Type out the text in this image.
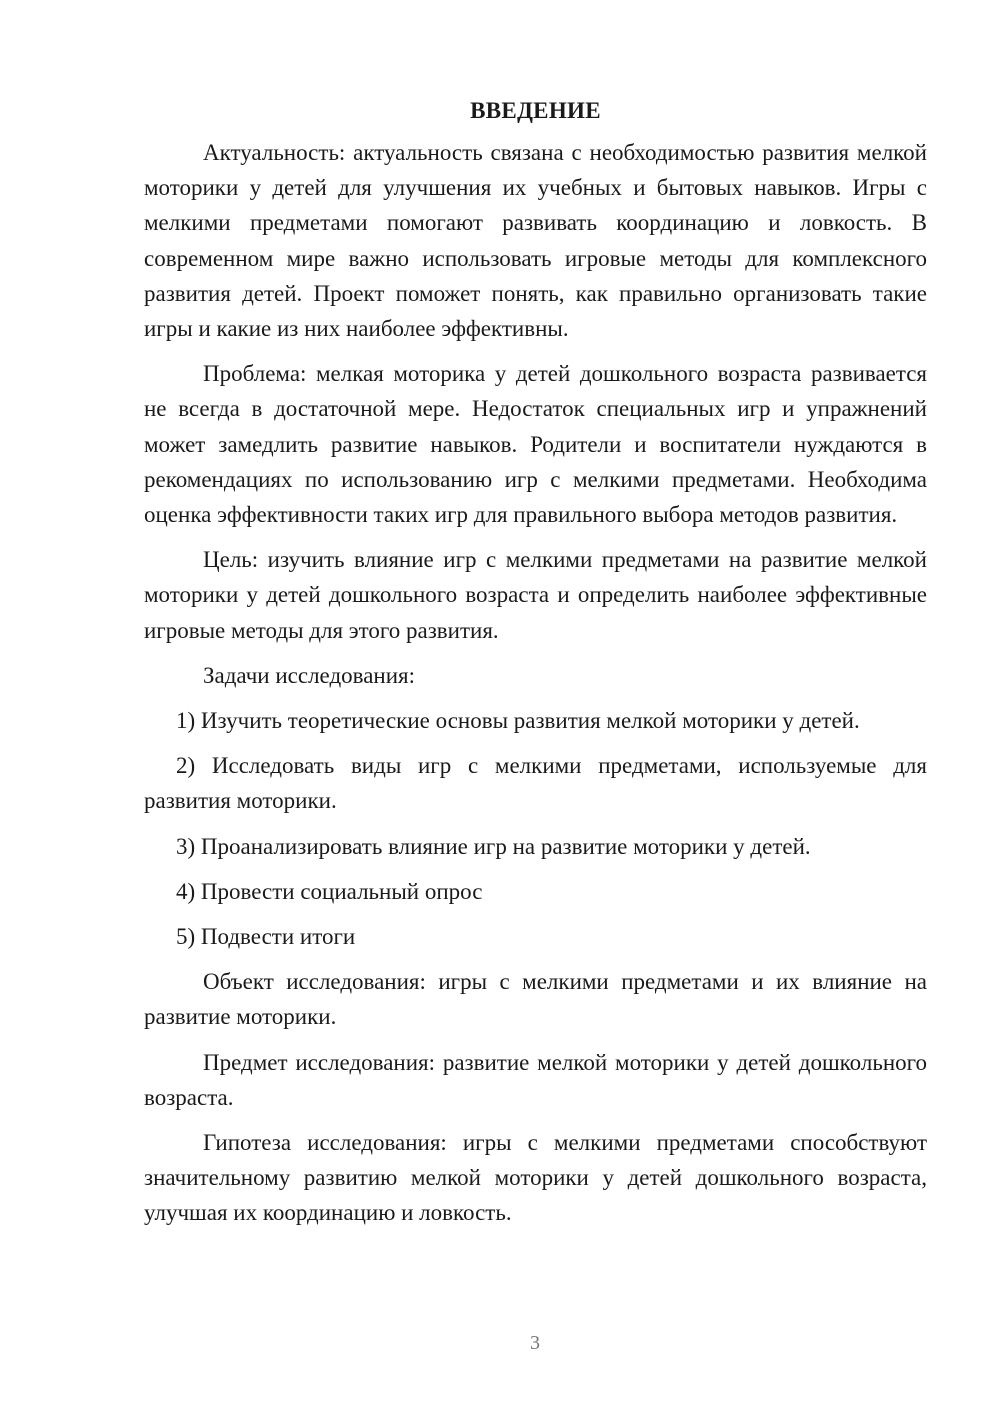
ВВЕДЕНИЕ

Актуальность: актуальность связана с необходимостью развития мелкой моторики у детей для улучшения их учебных и бытовых навыков. Игры с мелкими предметами помогают развивать координацию и ловкость. В современном мире важно использовать игровые методы для комплексного развития детей. Проект поможет понять, как правильно организовать такие игры и какие из них наиболее эффективны.

Проблема: мелкая моторика у детей дошкольного возраста развивается не всегда в достаточной мере. Недостаток специальных игр и упражнений может замедлить развитие навыков. Родители и воспитатели нуждаются в рекомендациях по использованию игр с мелкими предметами. Необходима оценка эффективности таких игр для правильного выбора методов развития.

Цель: изучить влияние игр с мелкими предметами на развитие мелкой моторики у детей дошкольного возраста и определить наиболее эффективные игровые методы для этого развития.

Задачи исследования:

1) Изучить теоретические основы развития мелкой моторики у детей.

2) Исследовать виды игр с мелкими предметами, используемые для развития моторики.

3) Проанализировать влияние игр на развитие моторики у детей.

4) Провести социальный опрос

5) Подвести итоги

Объект исследования: игры с мелкими предметами и их влияние на развитие моторики.

Предмет исследования: развитие мелкой моторики у детей дошкольного возраста.

Гипотеза исследования: игры с мелкими предметами способствуют значительному развитию мелкой моторики у детей дошкольного возраста, улучшая их координацию и ловкость.

3
